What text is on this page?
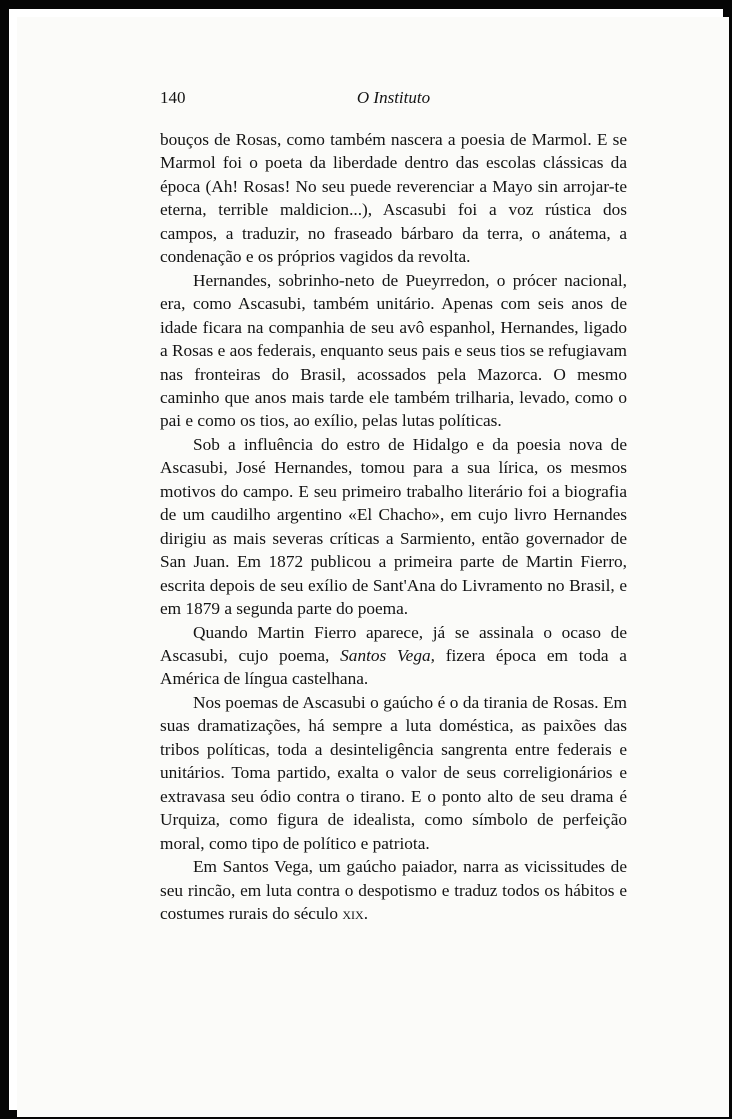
140	O Instituto

bouços de Rosas, como também nascera a poesia de Marmol. E se Marmol foi o poeta da liberdade dentro das escolas clássicas da época (Ah! Rosas! No seu puede reverenciar a Mayo sin arrojar-te eterna, terrible maldicion...), Ascasubi foi a voz rústica dos campos, a traduzir, no fraseado bárbaro da terra, o anátema, a condenação e os próprios vagidos da revolta.

Hernandes, sobrinho-neto de Pueyrredon, o prócer nacional, era, como Ascasubi, também unitário. Apenas com seis anos de idade ficara na companhia de seu avô espanhol, Hernandes, ligado a Rosas e aos federais, enquanto seus pais e seus tios se refugiavam nas fronteiras do Brasil, acossados pela Mazorca. O mesmo caminho que anos mais tarde ele também trilharia, levado, como o pai e como os tios, ao exílio, pelas lutas políticas.

Sob a influência do estro de Hidalgo e da poesia nova de Ascasubi, José Hernandes, tomou para a sua lírica, os mesmos motivos do campo. E seu primeiro trabalho literário foi a biografia de um caudilho argentino «El Chacho», em cujo livro Hernandes dirigiu as mais severas críticas a Sarmiento, então governador de San Juan. Em 1872 publicou a primeira parte de Martin Fierro, escrita depois de seu exílio de Sant'Ana do Livramento no Brasil, e em 1879 a segunda parte do poema.

Quando Martin Fierro aparece, já se assinala o ocaso de Ascasubi, cujo poema, Santos Vega, fizera época em toda a América de língua castelhana.

Nos poemas de Ascasubi o gaúcho é o da tirania de Rosas. Em suas dramatizações, há sempre a luta doméstica, as paixões das tribos políticas, toda a desinteligência sangrenta entre federais e unitários. Toma partido, exalta o valor de seus correligionários e extravasa seu ódio contra o tirano. E o ponto alto de seu drama é Urquiza, como figura de idealista, como símbolo de perfeição moral, como tipo de político e patriota.

Em Santos Vega, um gaúcho paiador, narra as vicissitudes de seu rincão, em luta contra o despotismo e traduz todos os hábitos e costumes rurais do século xix.
